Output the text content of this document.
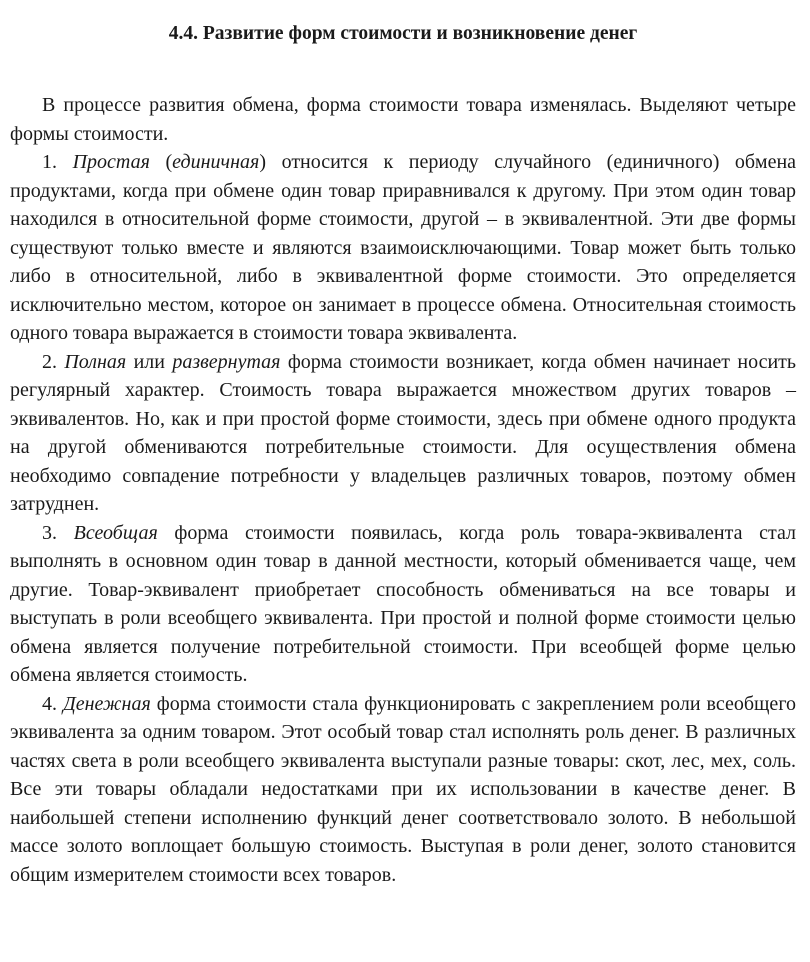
4.4. Развитие форм стоимости и возникновение денег

В процессе развития обмена, форма стоимости товара изменялась. Выделяют четыре формы стоимости.

1. Простая (единичная) относится к периоду случайного (единичного) обмена продуктами, когда при обмене один товар приравнивался к другому. При этом один товар находился в относительной форме стоимости, другой – в эквивалентной. Эти две формы существуют только вместе и являются взаимоисключающими. Товар может быть только либо в относительной, либо в эквивалентной форме стоимости. Это определяется исключительно местом, которое он занимает в процессе обмена. Относительная стоимость одного товара выражается в стоимости товара эквивалента.

2. Полная или развернутая форма стоимости возникает, когда обмен начинает носить регулярный характер. Стоимость товара выражается множеством других товаров – эквивалентов. Но, как и при простой форме стоимости, здесь при обмене одного продукта на другой обмениваются потребительные стоимости. Для осуществления обмена необходимо совпадение потребности у владельцев различных товаров, поэтому обмен затруднен.

3. Всеобщая форма стоимости появилась, когда роль товара-эквивалента стал выполнять в основном один товар в данной местности, который обменивается чаще, чем другие. Товар-эквивалент приобретает способность обмениваться на все товары и выступать в роли всеобщего эквивалента. При простой и полной форме стоимости целью обмена является получение потребительной стоимости. При всеобщей форме целью обмена является стоимость.

4. Денежная форма стоимости стала функционировать с закреплением роли всеобщего эквивалента за одним товаром. Этот особый товар стал исполнять роль денег. В различных частях света в роли всеобщего эквивалента выступали разные товары: скот, лес, мех, соль. Все эти товары обладали недостатками при их использовании в качестве денег. В наибольшей степени исполнению функций денег соответствовало золото. В небольшой массе золото воплощает большую стоимость. Выступая в роли денег, золото становится общим измерителем стоимости всех товаров.
